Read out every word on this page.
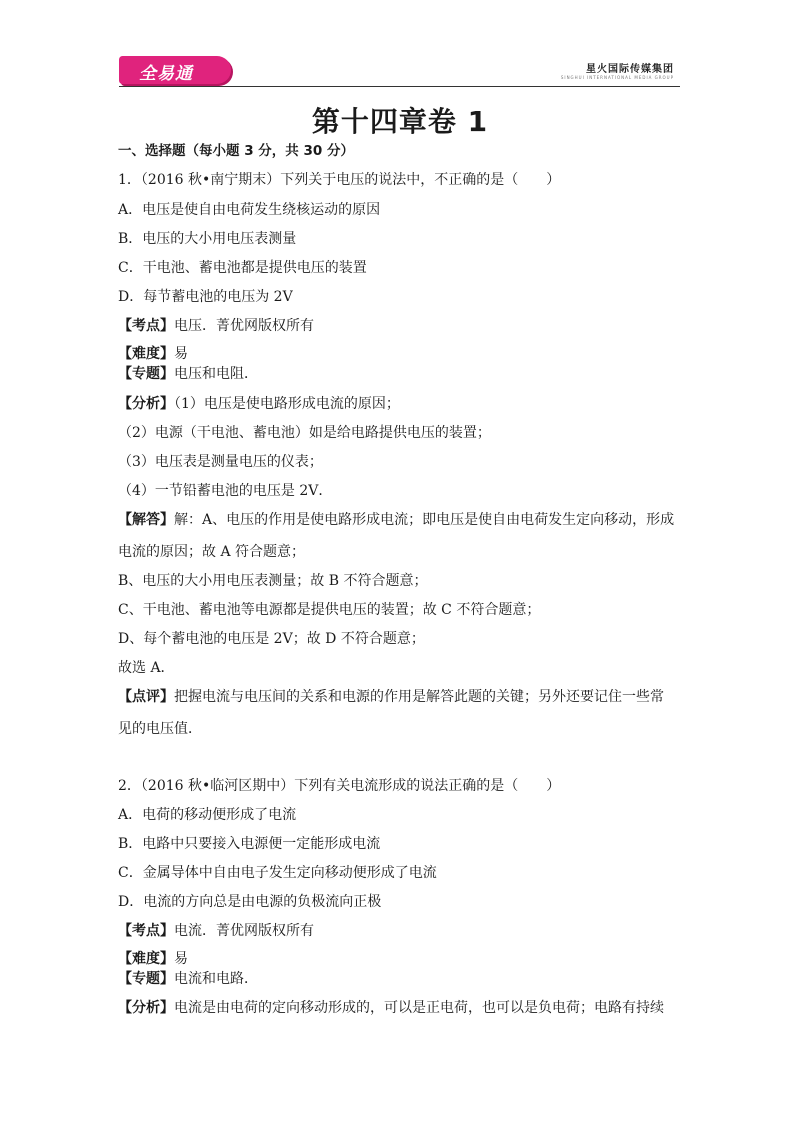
全易通	星火国际传媒集团
SINGHUI INTERNATIONAL MEDIA GROUP
第十四章卷 1
一、选择题（每小题 3 分，共 30 分）
1．（2016 秋•南宁期末）下列关于电压的说法中，不正确的是（　　）
A．电压是使自由电荷发生绕核运动的原因
B．电压的大小用电压表测量
C．干电池、蓄电池都是提供电压的装置
D．每节蓄电池的电压为 2V
【考点】电压．菁优网版权所有
【难度】易
【专题】电压和电阻．
【分析】（1）电压是使电路形成电流的原因；
（2）电源（干电池、蓄电池）如是给电路提供电压的装置；
（3）电压表是测量电压的仪表；
（4）一节铅蓄电池的电压是 2V．
【解答】解：A、电压的作用是使电路形成电流；即电压是使自由电荷发生定向移动，形成
电流的原因；故 A 符合题意；
B、电压的大小用电压表测量；故 B 不符合题意；
C、干电池、蓄电池等电源都是提供电压的装置；故 C 不符合题意；
D、每个蓄电池的电压是 2V；故 D 不符合题意；
故选 A．
【点评】把握电流与电压间的关系和电源的作用是解答此题的关键；另外还要记住一些常
见的电压值．
2．（2016 秋•临河区期中）下列有关电流形成的说法正确的是（　　）
A．电荷的移动便形成了电流
B．电路中只要接入电源便一定能形成电流
C．金属导体中自由电子发生定向移动便形成了电流
D．电流的方向总是由电源的负极流向正极
【考点】电流．菁优网版权所有
【难度】易
【专题】电流和电路．
【分析】电流是由电荷的定向移动形成的，可以是正电荷，也可以是负电荷；电路有持续
